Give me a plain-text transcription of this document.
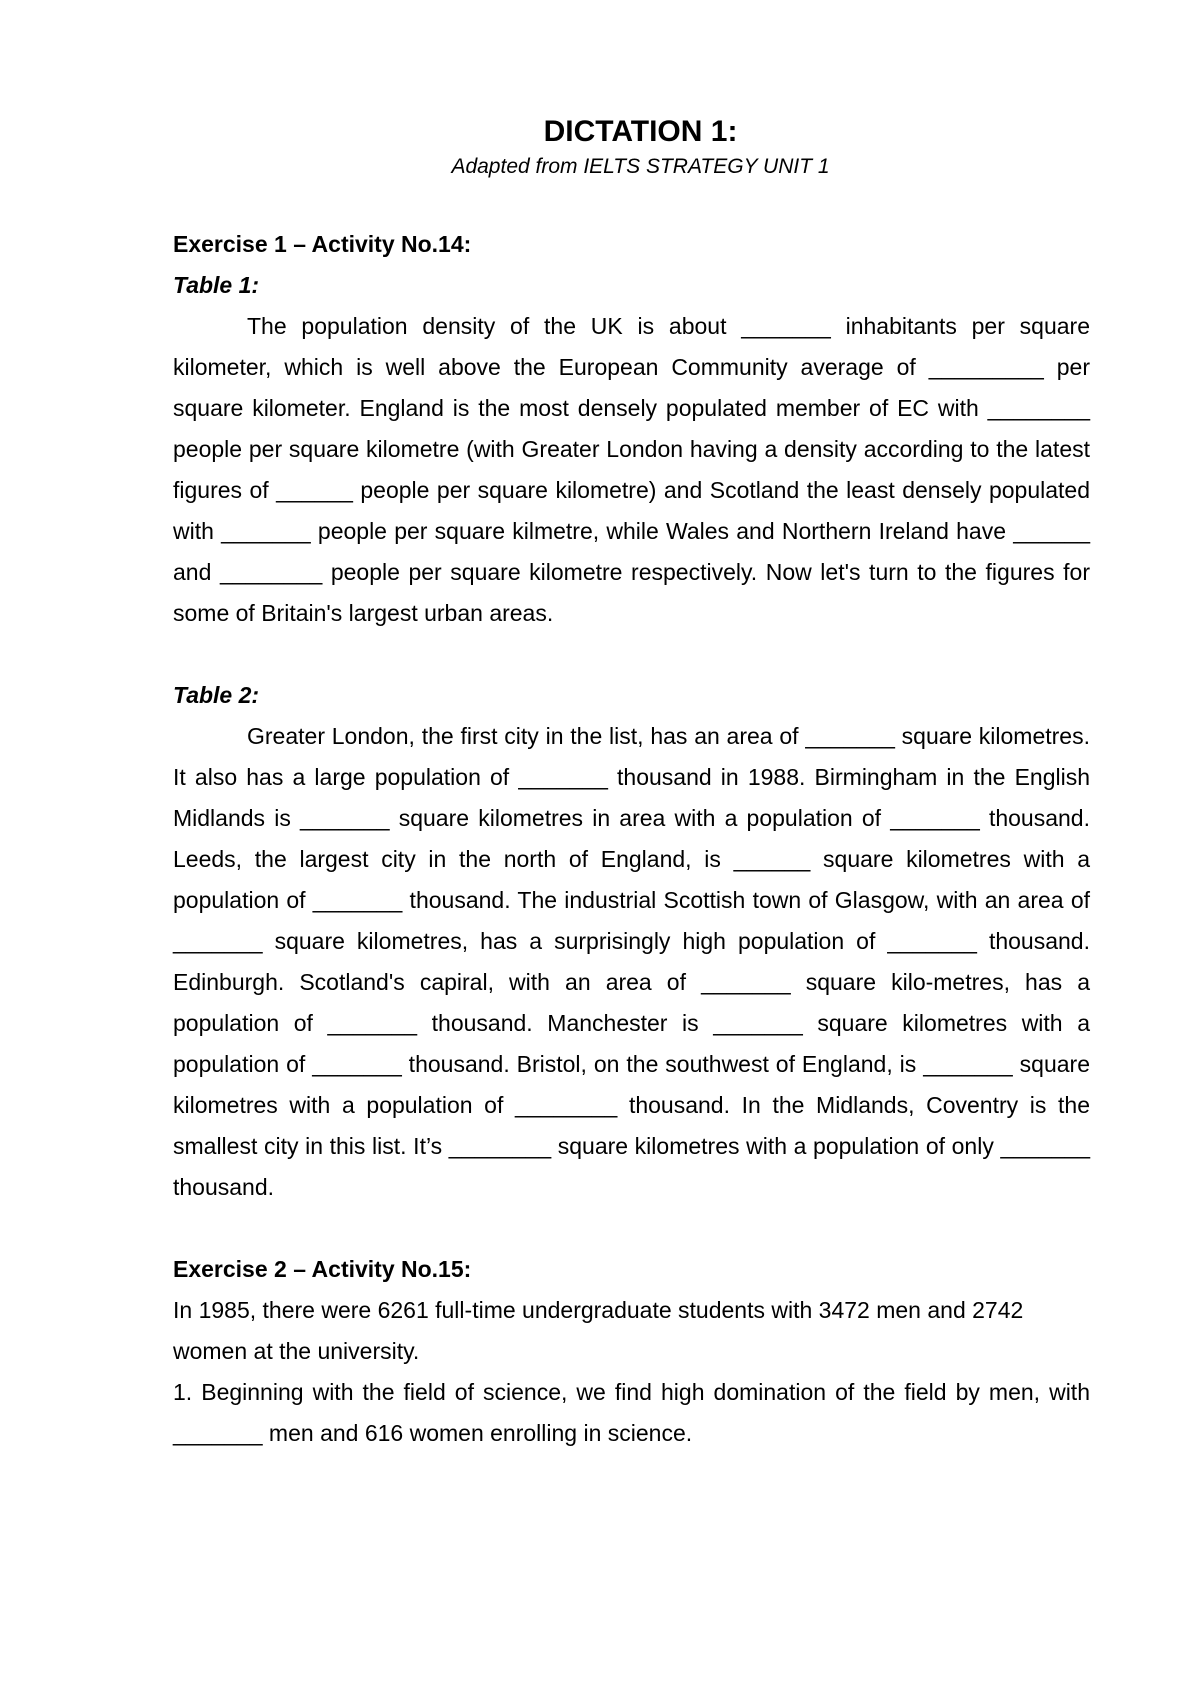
DICTATION 1:

Adapted from IELTS STRATEGY UNIT 1

Exercise 1 – Activity No.14:

Table 1:

The population density of the UK is about _______ inhabitants per square kilometer, which is well above the European Community average of _________ per square kilometer. England is the most densely populated member of EC with ________ people per square kilometre (with Greater London having a density according to the latest figures of ______ people per square kilometre) and Scotland the least densely populated with _______ people per square kilmetre, while Wales and Northern Ireland have ______ and ________ people per square kilometre respectively. Now let's turn to the figures for some of Britain's largest urban areas.

Table 2:

Greater London, the first city in the list, has an area of _______ square kilometres. It also has a large population of _______ thousand in 1988. Birmingham in the English Midlands is _______ square kilometres in area with a population of _______ thousand. Leeds, the largest city in the north of England, is ______ square kilometres with a population of _______ thousand. The industrial Scottish town of Glasgow, with an area of _______ square kilometres, has a surprisingly high population of _______ thousand. Edinburgh. Scotland's capiral, with an area of _______ square kilo-metres, has a population of _______ thousand. Manchester is _______ square kilometres with a population of _______ thousand. Bristol, on the southwest of England, is _______ square kilometres with a population of ________ thousand. In the Midlands, Coventry is the smallest city in this list. It’s ________ square kilometres with a population of only _______ thousand.

Exercise 2 – Activity No.15:

In 1985, there were 6261 full-time undergraduate students with 3472 men and 2742 women at the university.

1. Beginning with the field of science, we find high domination of the field by men, with _______ men and 616 women enrolling in science.
